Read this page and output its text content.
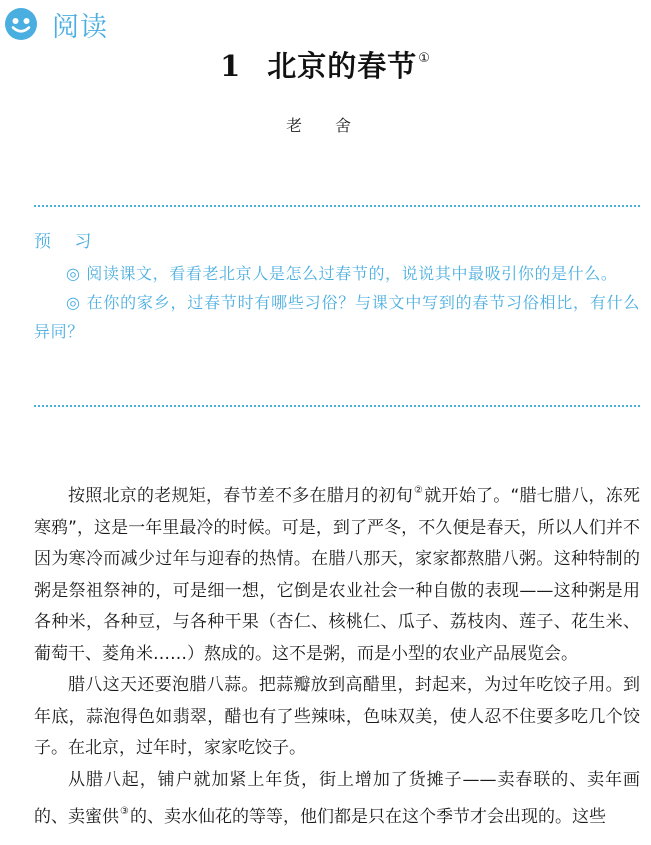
阅读
1 北京的春节①
老 舍
预 习

◎ 阅读课文，看看老北京人是怎么过春节的，说说其中最吸引你的是什么。

◎ 在你的家乡，过春节时有哪些习俗？与课文中写到的春节习俗相比，有什么异同？

按照北京的老规矩，春节差不多在腊月的初旬②就开始了。“腊七腊八，冻死寒鸦”，这是一年里最冷的时候。可是，到了严冬，不久便是春天，所以人们并不因为寒冷而减少过年与迎春的热情。在腊八那天，家家都熬腊八粥。这种特制的粥是祭祖祭神的，可是细一想，它倒是农业社会一种自傲的表现——这种粥是用各种米，各种豆，与各种干果（杏仁、核桃仁、瓜子、荔枝肉、莲子、花生米、葡萄干、菱角米……）熬成的。这不是粥，而是小型的农业产品展览会。

腊八这天还要泡腊八蒜。把蒜瓣放到高醋里，封起来，为过年吃饺子用。到年底，蒜泡得色如翡翠，醋也有了些辣味，色味双美，使人忍不住要多吃几个饺子。在北京，过年时，家家吃饺子。

从腊八起，铺户就加紧上年货，街上增加了货摊子——卖春联的、卖年画的、卖蜜供③的、卖水仙花的等等，他们都是只在这个季节才会出现的。这些
